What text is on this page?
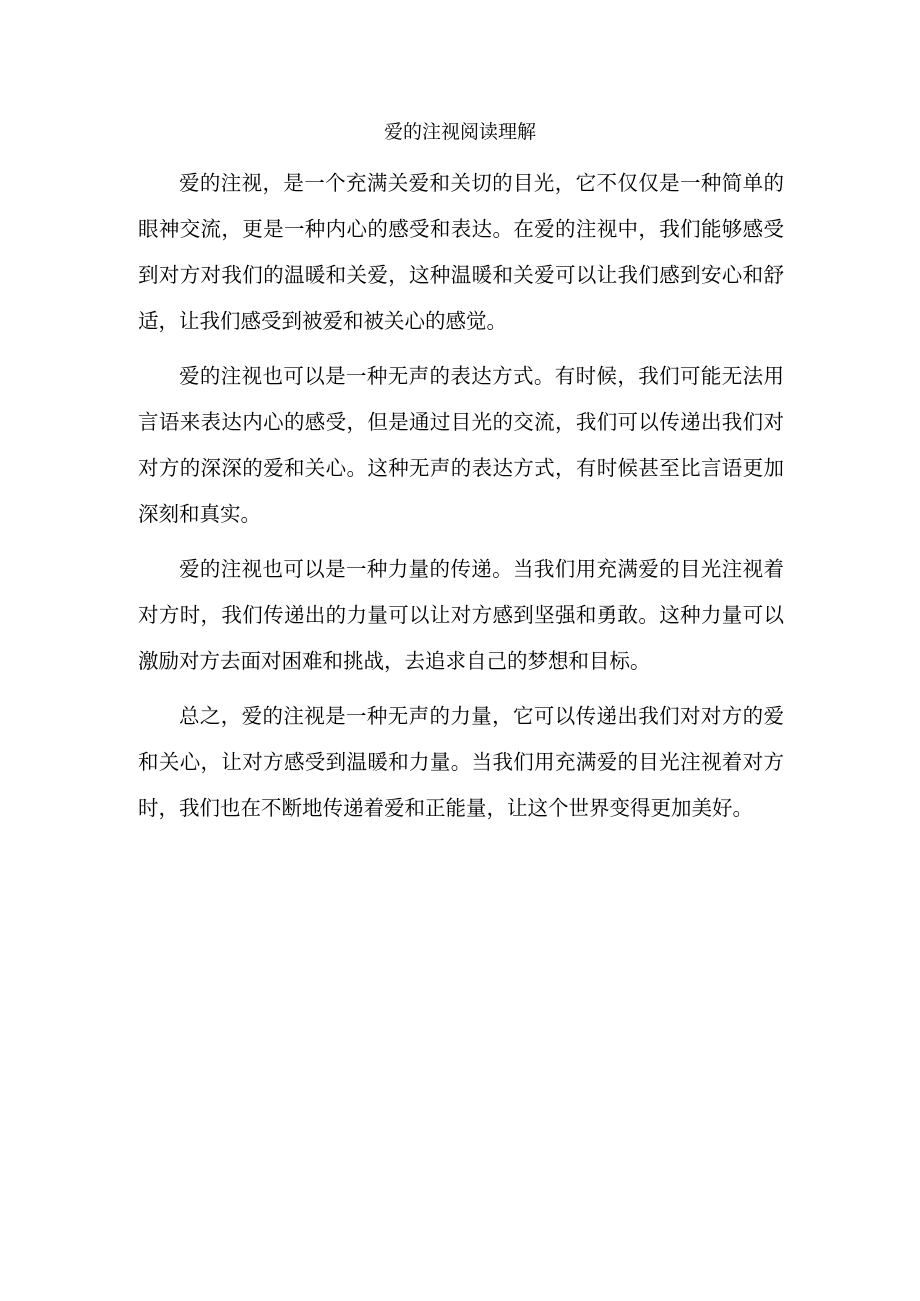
爱的注视阅读理解

爱的注视，是一个充满关爱和关切的目光，它不仅仅是一种简单的眼神交流，更是一种内心的感受和表达。在爱的注视中，我们能够感受到对方对我们的温暖和关爱，这种温暖和关爱可以让我们感到安心和舒适，让我们感受到被爱和被关心的感觉。

爱的注视也可以是一种无声的表达方式。有时候，我们可能无法用言语来表达内心的感受，但是通过目光的交流，我们可以传递出我们对对方的深深的爱和关心。这种无声的表达方式，有时候甚至比言语更加深刻和真实。

爱的注视也可以是一种力量的传递。当我们用充满爱的目光注视着对方时，我们传递出的力量可以让对方感到坚强和勇敢。这种力量可以激励对方去面对困难和挑战，去追求自己的梦想和目标。

总之，爱的注视是一种无声的力量，它可以传递出我们对对方的爱和关心，让对方感受到温暖和力量。当我们用充满爱的目光注视着对方时，我们也在不断地传递着爱和正能量，让这个世界变得更加美好。
